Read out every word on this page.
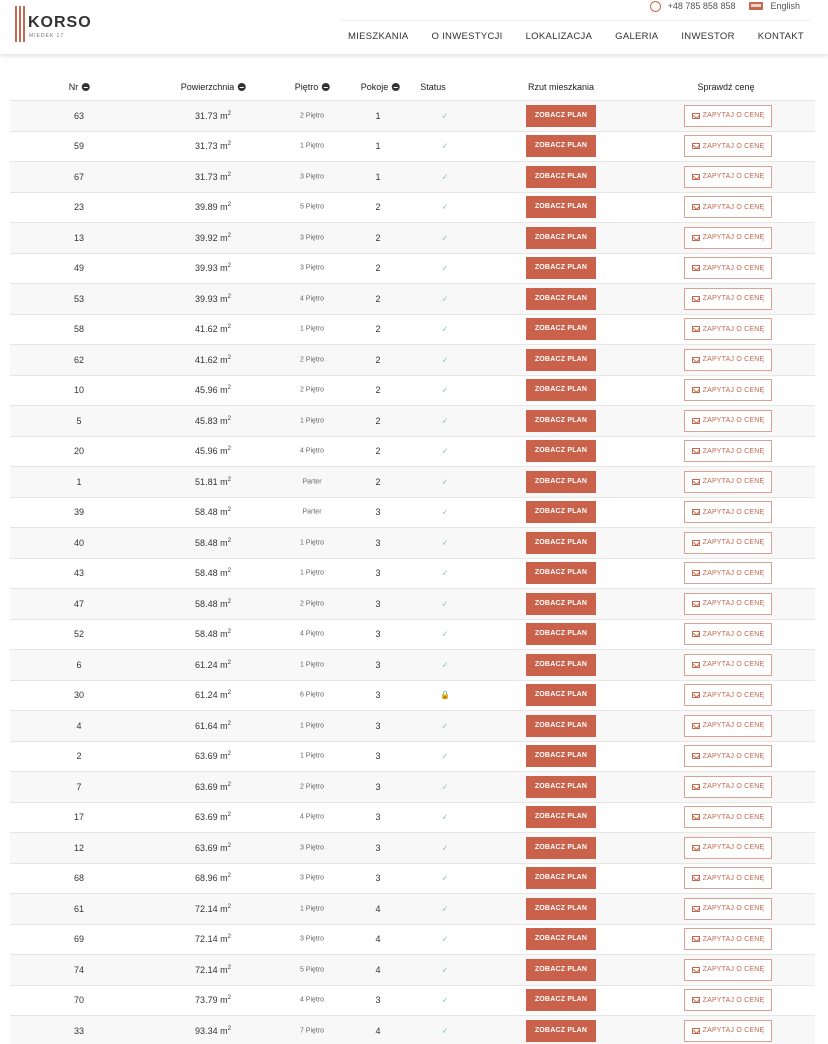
KORSO
MIEDEK 17
+48 785 858 858	English
MIESZKANIA	O INWESTYCJI	LOKALIZACJA	GALERIA	INWESTOR	KONTAKT
Nr	Powierzchnia	Piętro	Pokoje	Status	Rzut mieszkania	Sprawdź cenę
63	31.73 $m^2$	2 Piętro	1	✓	ZOBACZ PLAN	ZAPYTAJ O CENĘ
59	31.73 $m^2$	1 Piętro	1	✓	ZOBACZ PLAN	ZAPYTAJ O CENĘ
67	31.73 $m^2$	3 Piętro	1	✓	ZOBACZ PLAN	ZAPYTAJ O CENĘ
23	39.89 $m^2$	5 Piętro	2	✓	ZOBACZ PLAN	ZAPYTAJ O CENĘ
13	39.92 $m^2$	3 Piętro	2	✓	ZOBACZ PLAN	ZAPYTAJ O CENĘ
49	39.93 $m^2$	3 Piętro	2	✓	ZOBACZ PLAN	ZAPYTAJ O CENĘ
53	39.93 $m^2$	4 Piętro	2	✓	ZOBACZ PLAN	ZAPYTAJ O CENĘ
58	41.62 $m^2$	1 Piętro	2	✓	ZOBACZ PLAN	ZAPYTAJ O CENĘ
62	41.62 $m^2$	2 Piętro	2	✓	ZOBACZ PLAN	ZAPYTAJ O CENĘ
10	45.96 $m^2$	2 Piętro	2	✓	ZOBACZ PLAN	ZAPYTAJ O CENĘ
5	45.83 $m^2$	1 Piętro	2	✓	ZOBACZ PLAN	ZAPYTAJ O CENĘ
20	45.96 $m^2$	4 Piętro	2	✓	ZOBACZ PLAN	ZAPYTAJ O CENĘ
1	51.81 $m^2$	Parter	2	✓	ZOBACZ PLAN	ZAPYTAJ O CENĘ
39	58.48 $m^2$	Parter	3	✓	ZOBACZ PLAN	ZAPYTAJ O CENĘ
40	58.48 $m^2$	1 Piętro	3	✓	ZOBACZ PLAN	ZAPYTAJ O CENĘ
43	58.48 $m^2$	1 Piętro	3	✓	ZOBACZ PLAN	ZAPYTAJ O CENĘ
47	58.48 $m^2$	2 Piętro	3	✓	ZOBACZ PLAN	ZAPYTAJ O CENĘ
52	58.48 $m^2$	4 Piętro	3	✓	ZOBACZ PLAN	ZAPYTAJ O CENĘ
6	61.24 $m^2$	1 Piętro	3	✓	ZOBACZ PLAN	ZAPYTAJ O CENĘ
30	61.24 $m^2$	6 Piętro	3	🔒	ZOBACZ PLAN	ZAPYTAJ O CENĘ
4	61.64 $m^2$	1 Piętro	3	✓	ZOBACZ PLAN	ZAPYTAJ O CENĘ
2	63.69 $m^2$	1 Piętro	3	✓	ZOBACZ PLAN	ZAPYTAJ O CENĘ
7	63.69 $m^2$	2 Piętro	3	✓	ZOBACZ PLAN	ZAPYTAJ O CENĘ
17	63.69 $m^2$	4 Piętro	3	✓	ZOBACZ PLAN	ZAPYTAJ O CENĘ
12	63.69 $m^2$	3 Piętro	3	✓	ZOBACZ PLAN	ZAPYTAJ O CENĘ
68	68.96 $m^2$	3 Piętro	3	✓	ZOBACZ PLAN	ZAPYTAJ O CENĘ
61	72.14 $m^2$	1 Piętro	4	✓	ZOBACZ PLAN	ZAPYTAJ O CENĘ
69	72.14 $m^2$	3 Piętro	4	✓	ZOBACZ PLAN	ZAPYTAJ O CENĘ
74	72.14 $m^2$	5 Piętro	4	✓	ZOBACZ PLAN	ZAPYTAJ O CENĘ
70	73.79 $m^2$	4 Piętro	3	✓	ZOBACZ PLAN	ZAPYTAJ O CENĘ
33	93.34 $m^2$	7 Piętro	4	✓	ZOBACZ PLAN	ZAPYTAJ O CENĘ
